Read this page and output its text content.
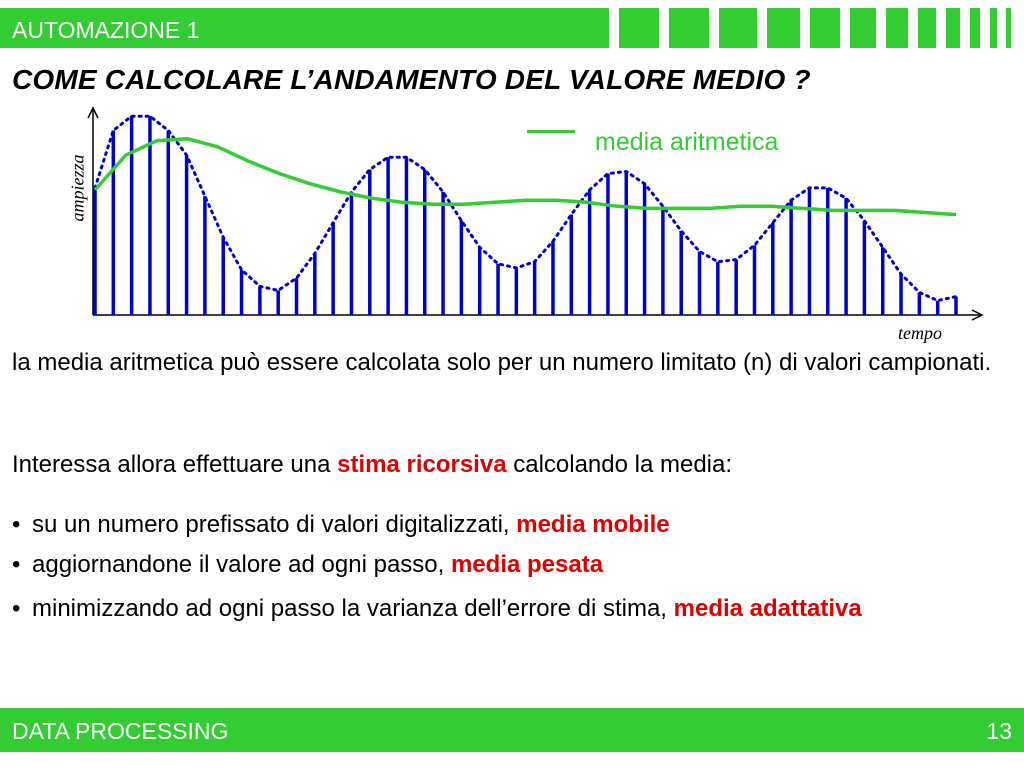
AUTOMAZIONE 1
COME CALCOLARE L’ANDAMENTO DEL VALORE MEDIO ?
media aritmetica
ampiezza
tempo
la media aritmetica può essere calcolata solo per un numero limitato (n) di valori campionati.
Interessa allora effettuare una stima ricorsiva calcolando la media:
• su un numero prefissato di valori digitalizzati, media mobile
• aggiornandone il valore ad ogni passo, media pesata
• minimizzando ad ogni passo la varianza dell’errore di stima, media adattativa
DATA PROCESSING	13
